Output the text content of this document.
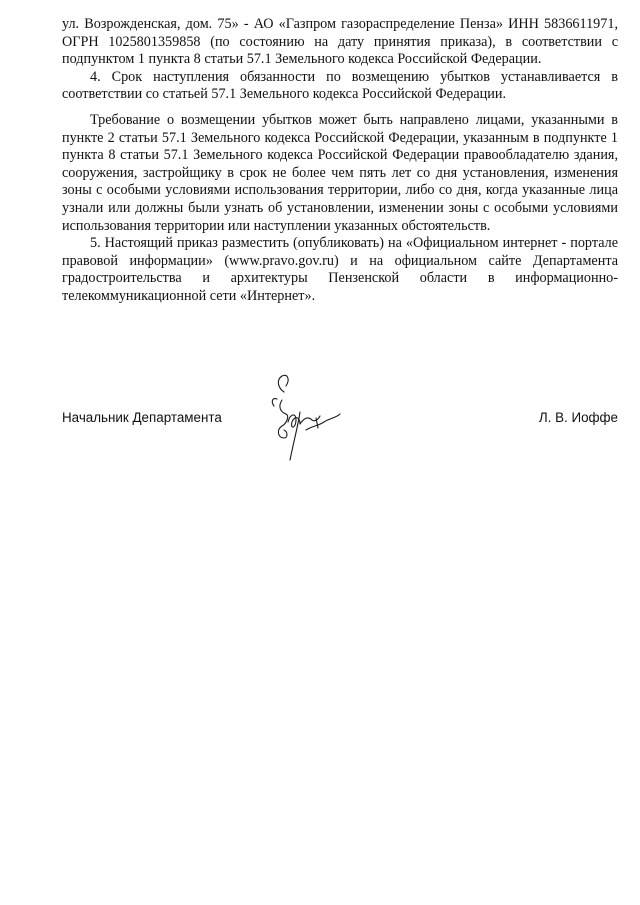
ул. Возрожденская, дом. 75» - АО «Газпром газораспределение Пенза» ИНН 5836611971, ОГРН 1025801359858 (по состоянию на дату принятия приказа), в соответствии с подпунктом 1 пункта 8 статьи 57.1 Земельного кодекса Российской Федерации.

4. Срок наступления обязанности по возмещению убытков устанавливается в соответствии со статьей 57.1 Земельного кодекса Российской Федерации.

Требование о возмещении убытков может быть направлено лицами, указанными в пункте 2 статьи 57.1 Земельного кодекса Российской Федерации, указанным в подпункте 1 пункта 8 статьи 57.1 Земельного кодекса Российской Федерации правообладателю здания, сооружения, застройщику в срок не более чем пять лет со дня установления, изменения зоны с особыми условиями использования территории, либо со дня, когда указанные лица узнали или должны были узнать об установлении, изменении зоны с особыми условиями использования территории или наступлении указанных обстоятельств.

5. Настоящий приказ разместить (опубликовать) на «Официальном интернет - портале правовой информации» (www.pravo.gov.ru) и на официальном сайте Департамента градостроительства и архитектуры Пензенской области в информационно-телекоммуникационной сети «Интернет».

Начальник Департамента	Л. В. Иоффе
